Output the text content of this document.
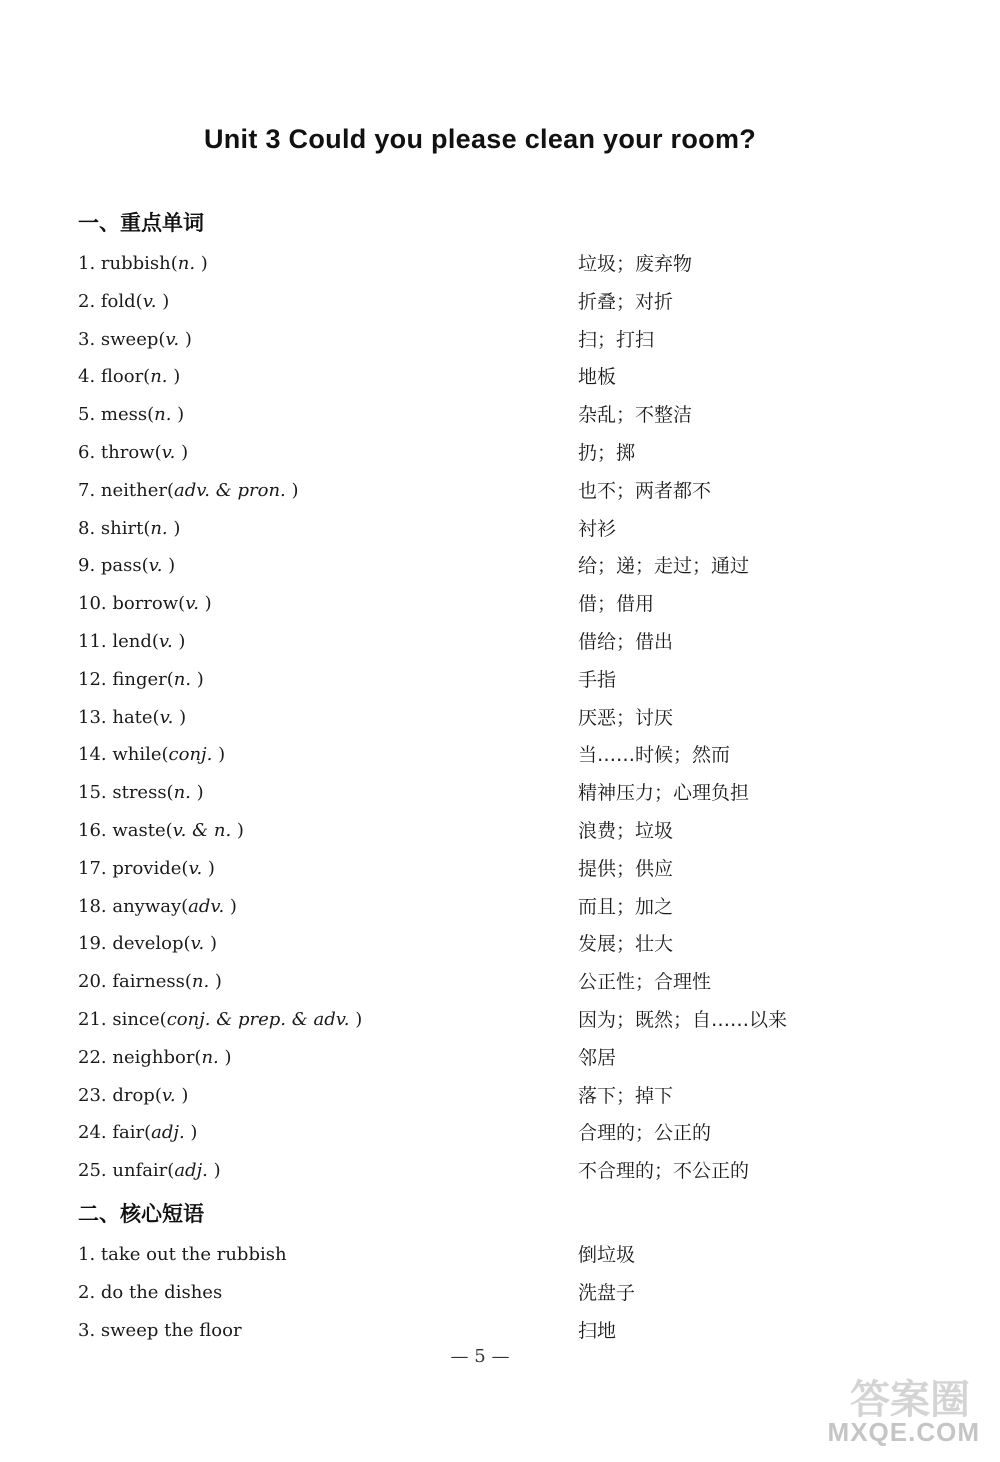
Unit 3 Could you please clean your room?
一、重点单词
1. rubbish(n. )	垃圾；废弃物
2. fold(v. )	折叠；对折
3. sweep(v. )	扫；打扫
4. floor(n. )	地板
5. mess(n. )	杂乱；不整洁
6. throw(v. )	扔；掷
7. neither(adv. & pron. )	也不；两者都不
8. shirt(n. )	衬衫
9. pass(v. )	给；递；走过；通过
10. borrow(v. )	借；借用
11. lend(v. )	借给；借出
12. finger(n. )	手指
13. hate(v. )	厌恶；讨厌
14. while(conj. )	当……时候；然而
15. stress(n. )	精神压力；心理负担
16. waste(v. & n. )	浪费；垃圾
17. provide(v. )	提供；供应
18. anyway(adv. )	而且；加之
19. develop(v. )	发展；壮大
20. fairness(n. )	公正性；合理性
21. since(conj. & prep. & adv. )	因为；既然；自……以来
22. neighbor(n. )	邻居
23. drop(v. )	落下；掉下
24. fair(adj. )	合理的；公正的
25. unfair(adj. )	不合理的；不公正的
二、核心短语
1. take out the rubbish	倒垃圾
2. do the dishes	洗盘子
3. sweep the floor	扫地
— 5 —
答案圈
MXQE.COM
